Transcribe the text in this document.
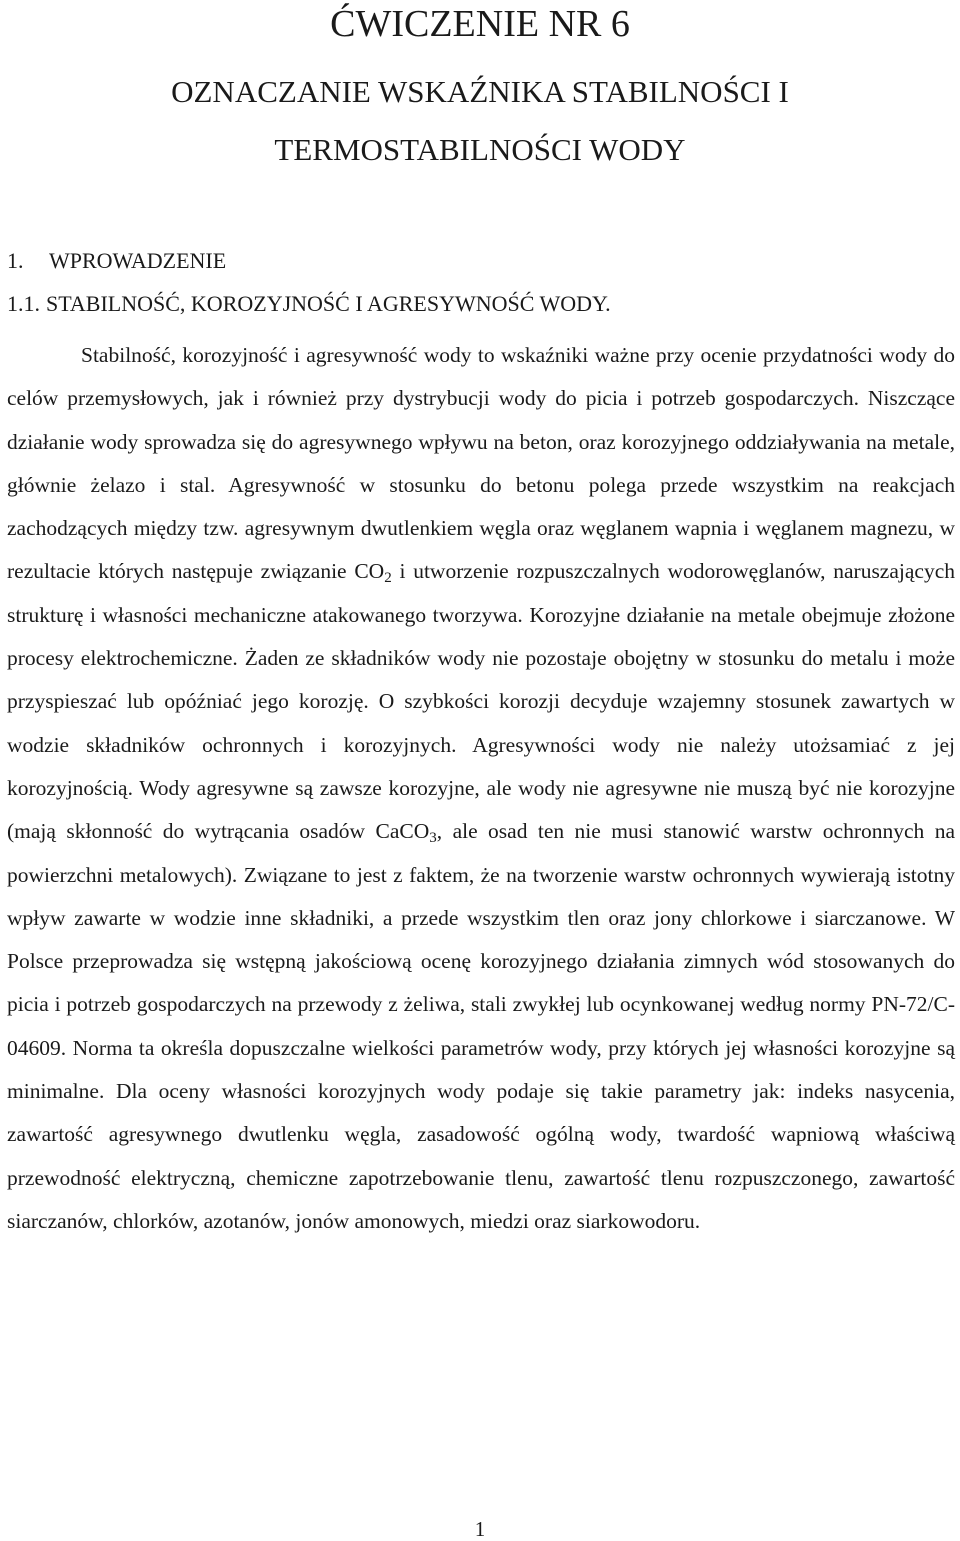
ĆWICZENIE NR 6
OZNACZANIE WSKAŹNIKA STABILNOŚCI I
TERMOSTABILNOŚCI WODY
1. WPROWADZENIE
1.1. STABILNOŚĆ, KOROZYJNOŚĆ I AGRESYWNOŚĆ WODY.

Stabilność, korozyjność i agresywność wody to wskaźniki ważne przy ocenie przydatności wody do celów przemysłowych, jak i również przy dystrybucji wody do picia i potrzeb gospodarczych. Niszczące działanie wody sprowadza się do agresywnego wpływu na beton, oraz korozyjnego oddziaływania na metale, głównie żelazo i stal. Agresywność w stosunku do betonu polega przede wszystkim na reakcjach zachodzących między tzw. agresywnym dwutlenkiem węgla oraz węglanem wapnia i węglanem magnezu, w rezultacie których następuje związanie $CO_2$ i utworzenie rozpuszczalnych wodorowęglanów, naruszających strukturę i własności mechaniczne atakowanego tworzywa. Korozyjne działanie na metale obejmuje złożone procesy elektrochemiczne. Żaden ze składników wody nie pozostaje obojętny w stosunku do metalu i może przyspieszać lub opóźniać jego korozję. O szybkości korozji decyduje wzajemny stosunek zawartych w wodzie składników ochronnych i korozyjnych. Agresywności wody nie należy utożsamiać z jej korozyjnością. Wody agresywne są zawsze korozyjne, ale wody nie agresywne nie muszą być nie korozyjne (mają skłonność do wytrącania osadów CaCO$_3$, ale osad ten nie musi stanowić warstw ochronnych na powierzchni metalowych). Związane to jest z faktem, że na tworzenie warstw ochronnych wywierają istotny wpływ zawarte w wodzie inne składniki, a przede wszystkim tlen oraz jony chlorkowe i siarczanowe. W Polsce przeprowadza się wstępną jakościową ocenę korozyjnego działania zimnych wód stosowanych do picia i potrzeb gospodarczych na przewody z żeliwa, stali zwykłej lub ocynkowanej według normy PN-72/C-04609. Norma ta określa dopuszczalne wielkości parametrów wody, przy których jej własności korozyjne są minimalne. Dla oceny własności korozyjnych wody podaje się takie parametry jak: indeks nasycenia, zawartość agresywnego dwutlenku węgla, zasadowość ogólną wody, twardość wapniową właściwą przewodność elektryczną, chemiczne zapotrzebowanie tlenu, zawartość tlenu rozpuszczonego, zawartość siarczanów, chlorków, azotanów, jonów amonowych, miedzi oraz siarkowodoru.

1
